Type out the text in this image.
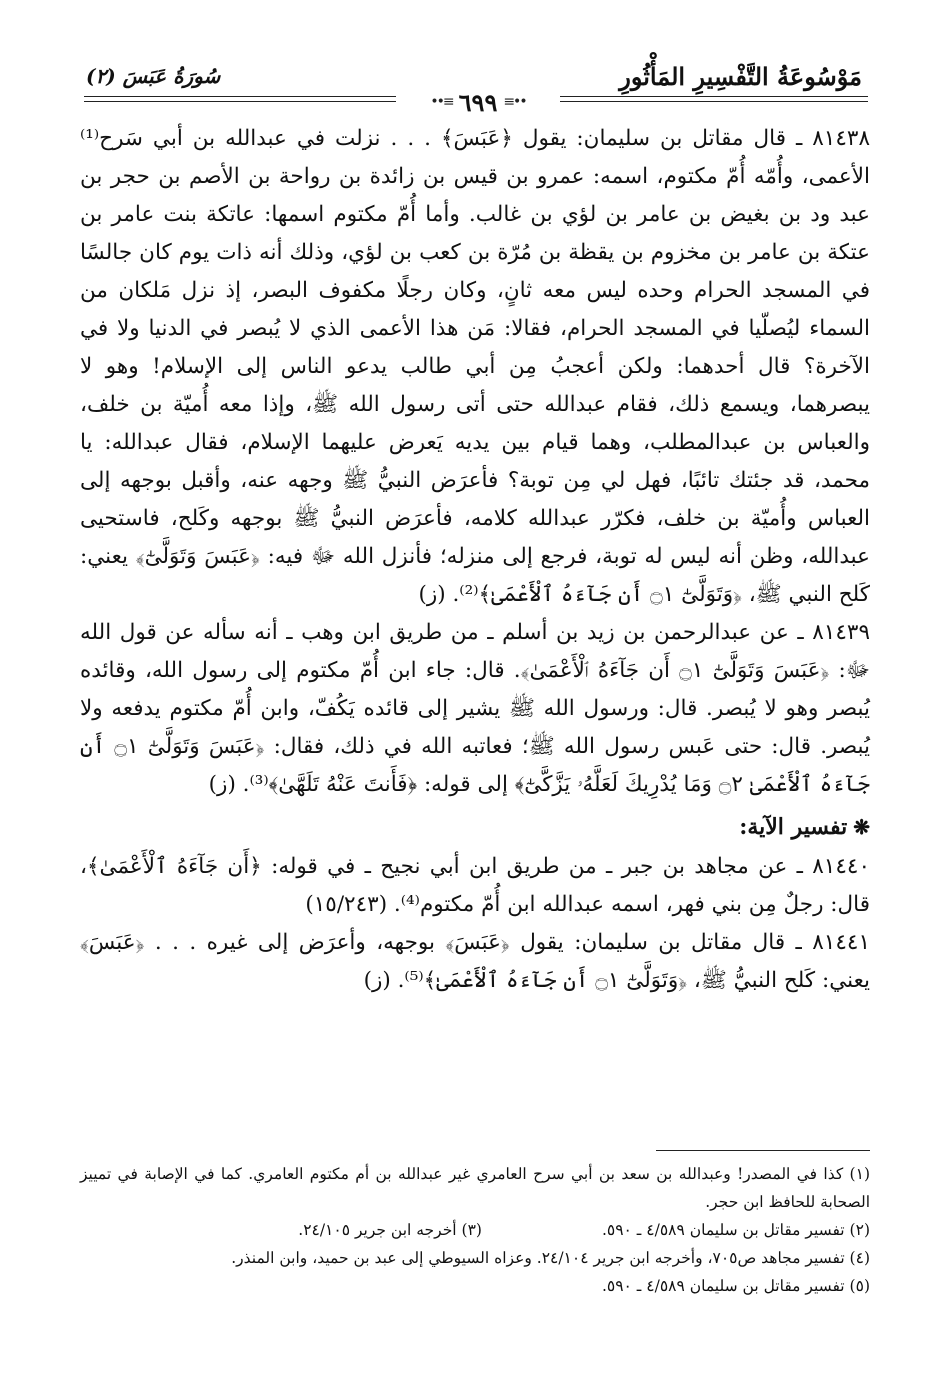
مَوْسُوعَةُ التَّفْسِيرِ المَأْثُورِ
سُورَةُ عَبَسَ (٢)
••≡ ٦٩٩ ≡••

٨١٤٣٨ ـ قال مقاتل بن سليمان: يقول ﴿عَبَسَ﴾ . . . نزلت في عبدالله بن أبي سَرح⁽¹⁾ الأعمى، وأُمّه أُمّ مكتوم، اسمه: عمرو بن قيس بن زائدة بن رواحة بن الأصم بن حجر بن عبد ود بن بغيض بن عامر بن لؤي بن غالب. وأما أُمّ مكتوم اسمها: عاتكة بنت عامر بن عتكة بن عامر بن مخزوم بن يقظة بن مُرّة بن كعب بن لؤي، وذلك أنه ذات يوم كان جالسًا في المسجد الحرام وحده ليس معه ثانٍ، وكان رجلًا مكفوف البصر، إذ نزل مَلكان من السماء ليُصلّيا في المسجد الحرام، فقالا: مَن هذا الأعمى الذي لا يُبصر في الدنيا ولا في الآخرة؟ قال أحدهما: ولكن أعجبُ مِن أبي طالب يدعو الناس إلى الإسلام! وهو لا يبصرهما، ويسمع ذلك، فقام عبدالله حتى أتى رسول الله ﷺ، وإذا معه أُميّة بن خلف، والعباس بن عبدالمطلب، وهما قيام بين يديه يَعرض عليهما الإسلام، فقال عبدالله: يا محمد، قد جئتك تائبًا، فهل لي مِن توبة؟ فأعرَض النبيُّ ﷺ وجهه عنه، وأقبل بوجهه إلى العباس وأُميّة بن خلف، فكرّر عبدالله كلامه، فأعرَض النبيُّ ﷺ بوجهه وكَلح، فاستحيى عبدالله، وظن أنه ليس له توبة، فرجع إلى منزله؛ فأنزل الله ﷻ فيه: ﴿عَبَسَ وَتَوَلَّىٰٓ﴾ يعني: كَلح النبي ﷺ، ﴿وَتَوَلَّىٰٓ ۝١ أَن جَآءَهُ ٱلْأَعْمَىٰ﴾⁽²⁾. (ز)

٨١٤٣٩ ـ عن عبدالرحمن بن زيد بن أسلم ـ من طريق ابن وهب ـ أنه سأله عن قول الله ﷻ: ﴿عَبَسَ وَتَوَلَّىٰٓ ۝١ أَن جَآءَهُ ٱلْأَعْمَىٰ﴾. قال: جاء ابن أُمّ مكتوم إلى رسول الله، وقائده يُبصر وهو لا يُبصر. قال: ورسول الله ﷺ يشير إلى قائده يَكُفّ، وابن أُمّ مكتوم يدفعه ولا يُبصر. قال: حتى عَبس رسول الله ﷺ؛ فعاتبه الله في ذلك، فقال: ﴿عَبَسَ وَتَوَلَّىٰٓ ۝١ أَن جَآءَهُ ٱلْأَعْمَىٰ ۝٢ وَمَا يُدْرِيكَ لَعَلَّهُۥ يَزَّكَّىٰٓ﴾ إلى قوله: ﴿فَأَنتَ عَنْهُ تَلَهَّىٰ﴾⁽³⁾. (ز)

❋تفسير الآية:

٨١٤٤٠ ـ عن مجاهد بن جبر ـ من طريق ابن أبي نجيح ـ في قوله: ﴿أَن جَآءَهُ ٱلْأَعْمَىٰ﴾، قال: رجلٌ مِن بني فهر، اسمه عبدالله ابن أُمّ مكتوم⁽⁴⁾. (١٥/٢٤٣)

٨١٤٤١ ـ قال مقاتل بن سليمان: يقول ﴿عَبَسَ﴾ بوجهه، وأعرَض إلى غيره . . . ﴿عَبَسَ﴾ يعني: كَلح النبيُّ ﷺ، ﴿وَتَوَلَّىٰٓ ۝١ أَن جَآءَهُ ٱلْأَعْمَىٰ﴾⁽⁵⁾. (ز)

(١) كذا في المصدر! وعبدالله بن سعد بن أبي سرح العامري غير عبدالله بن أم مكتوم العامري. كما في الإصابة في تمييز الصحابة للحافظ ابن حجر.

(٢) تفسير مقاتل بن سليمان ٤/٥٨٩ ـ ٥٩٠.
(٣) أخرجه ابن جرير ٢٤/١٠٥.

(٤) تفسير مجاهد ص٧٠٥، وأخرجه ابن جرير ٢٤/١٠٤. وعزاه السيوطي إلى عبد بن حميد، وابن المنذر.

(٥) تفسير مقاتل بن سليمان ٤/٥٨٩ ـ ٥٩٠.
